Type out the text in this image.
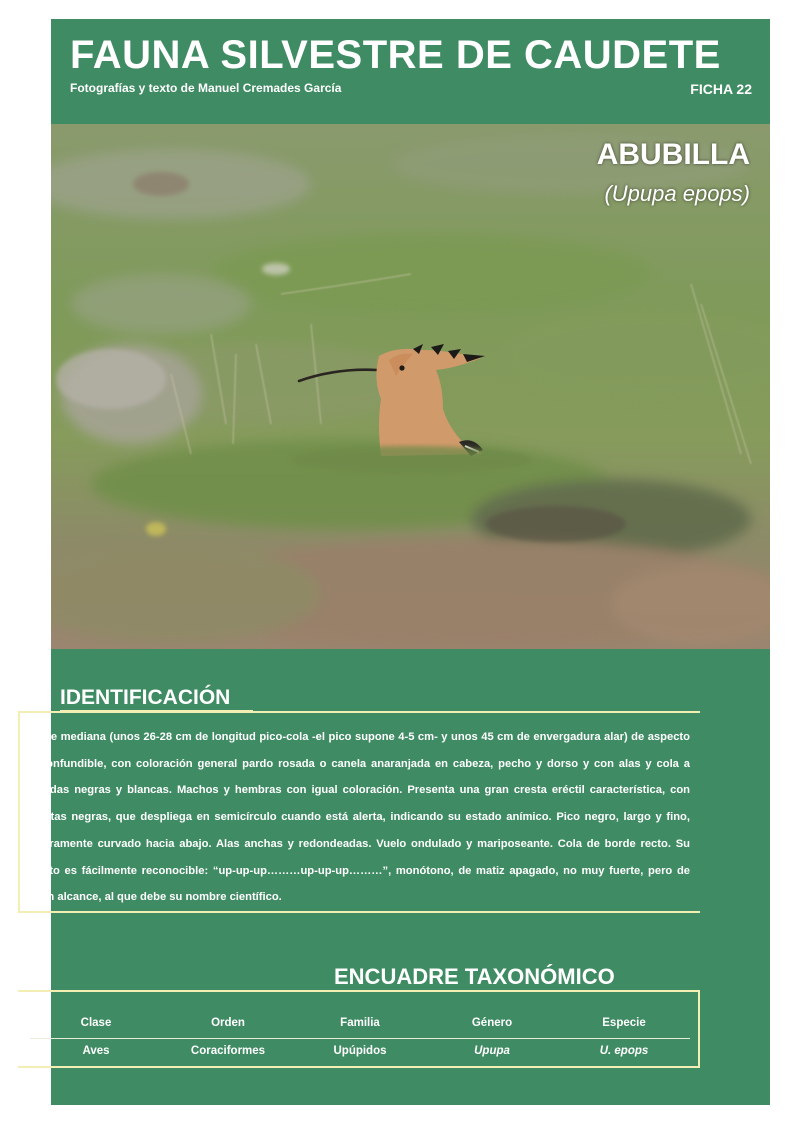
FAUNA SILVESTRE DE CAUDETE
Fotografías y texto de Manuel Cremades García	FICHA 22
ABUBILLA
(Upupa epops)
IDENTIFICACIÓN
Ave mediana (unos 26-28 cm de longitud pico-cola -el pico supone 4-5 cm- y unos 45 cm de envergadura alar) de aspecto inconfundible, con coloración general pardo rosada o canela anaranjada en cabeza, pecho y dorso y con alas y cola a bandas negras y blancas. Machos y hembras con igual coloración. Presenta una gran cresta eréctil característica, con puntas negras, que despliega en semicírculo cuando está alerta, indicando su estado anímico. Pico negro, largo y fino, ligeramente curvado hacia abajo. Alas anchas y redondeadas. Vuelo ondulado y mariposeante. Cola de borde recto. Su canto es fácilmente reconocible: “up-up-up………up-up-up………”, monótono, de matiz apagado, no muy fuerte, pero de gran alcance, al que debe su nombre científico.
ENCUADRE TAXONÓMICO
Clase	Orden	Familia	Género	Especie
Aves	Coraciformes	Upúpidos	Upupa	U. epops
